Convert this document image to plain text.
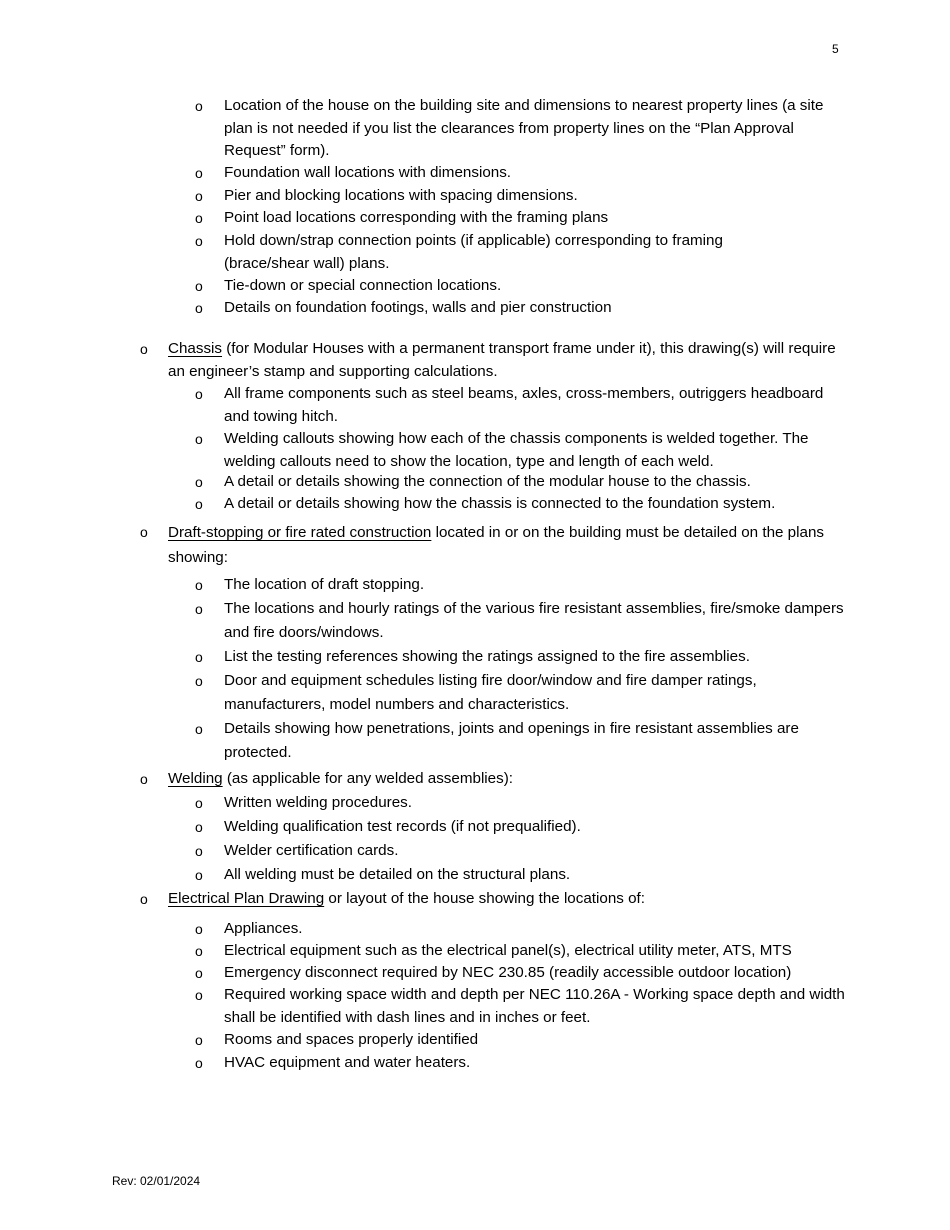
5
o Location of the house on the building site and dimensions to nearest property lines (a site plan is not needed if you list the clearances from property lines on the “Plan Approval Request” form).
o Foundation wall locations with dimensions.
o Pier and blocking locations with spacing dimensions.
o Point load locations corresponding with the framing plans
o Hold down/strap connection points (if applicable) corresponding to framing (brace/shear wall) plans.
o Tie-down or special connection locations.
o Details on foundation footings, walls and pier construction
o Chassis (for Modular Houses with a permanent transport frame under it), this drawing(s) will require an engineer’s stamp and supporting calculations.
o All frame components such as steel beams, axles, cross-members, outriggers headboard and towing hitch.
o Welding callouts showing how each of the chassis components is welded together. The welding callouts need to show the location, type and length of each weld.
o A detail or details showing the connection of the modular house to the chassis.
o A detail or details showing how the chassis is connected to the foundation system.
o Draft-stopping or fire rated construction located in or on the building must be detailed on the plans showing:
o The location of draft stopping.
o The locations and hourly ratings of the various fire resistant assemblies, fire/smoke dampers and fire doors/windows.
o List the testing references showing the ratings assigned to the fire assemblies.
o Door and equipment schedules listing fire door/window and fire damper ratings, manufacturers, model numbers and characteristics.
o Details showing how penetrations, joints and openings in fire resistant assemblies are protected.
o Welding (as applicable for any welded assemblies):
o Written welding procedures.
o Welding qualification test records (if not prequalified).
o Welder certification cards.
o All welding must be detailed on the structural plans.
o Electrical Plan Drawing or layout of the house showing the locations of:
o Appliances.
o Electrical equipment such as the electrical panel(s), electrical utility meter, ATS, MTS
o Emergency disconnect required by NEC 230.85 (readily accessible outdoor location)
o Required working space width and depth per NEC 110.26A - Working space depth and width shall be identified with dash lines and in inches or feet.
o Rooms and spaces properly identified
o HVAC equipment and water heaters.
Rev: 02/01/2024
